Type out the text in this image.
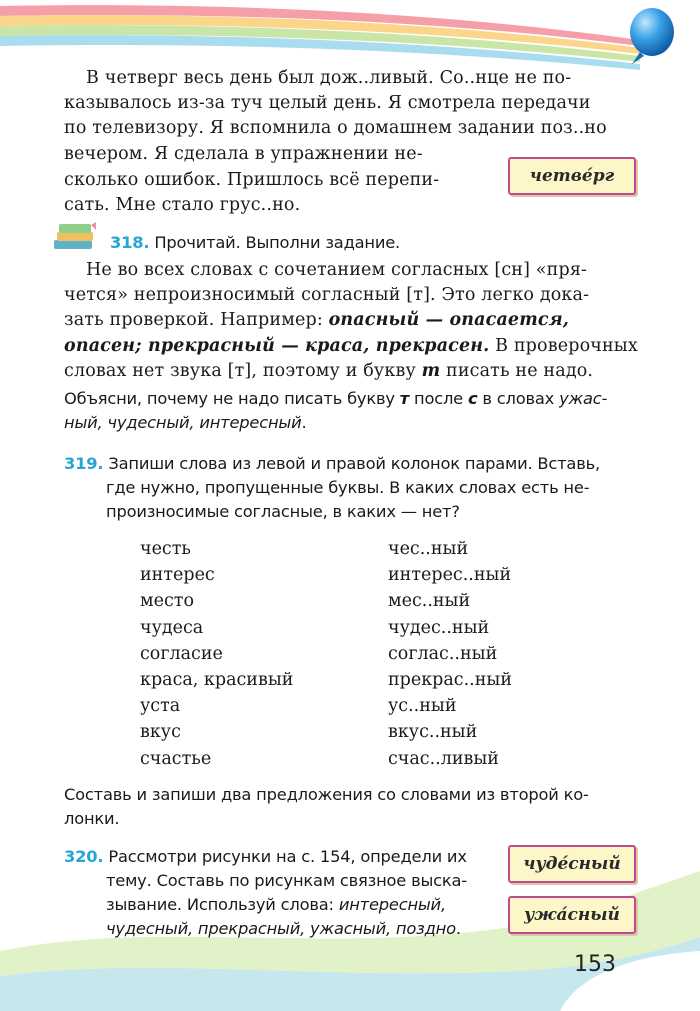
В четверг весь день был дож..ливый. Со..нце не по-
казывалось из-за туч целый день. Я смотрела передачи
по телевизору. Я вспомнила о домашнем задании поз..но
вечером. Я сделала в упражнении не-
сколько ошибок. Пришлось всё перепи-
сать. Мне стало грус..но.
четве́рг
318. Прочитай. Выполни задание.
Не во всех словах с сочетанием согласных [сн] «пря-
чется» непроизносимый согласный [т]. Это легко дока-
зать проверкой. Например: опасный — опасается,
опасен; прекрасный — краса, прекрасен. В проверочных
словах нет звука [т], поэтому и букву т писать не надо.
Объясни, почему не надо писать букву т после с в словах ужас-
ный, чудесный, интересный.
319. Запиши слова из левой и правой колонок парами. Вставь,
где нужно, пропущенные буквы. В каких словах есть не-
произносимые согласные, в каких — нет?
честь
интерес
место
чудеса
согласие
краса, красивый
уста
вкус
счастье
чес..ный
интерес..ный
мес..ный
чудес..ный
соглас..ный
прекрас..ный
ус..ный
вкус..ный
счас..ливый
Составь и запиши два предложения со словами из второй ко-
лонки.
320. Рассмотри рисунки на с. 154, определи их
тему. Составь по рисункам связное выска-
зывание. Используй слова: интересный,
чудесный, прекрасный, ужасный, поздно.
чуде́сный
ужа́сный
153
